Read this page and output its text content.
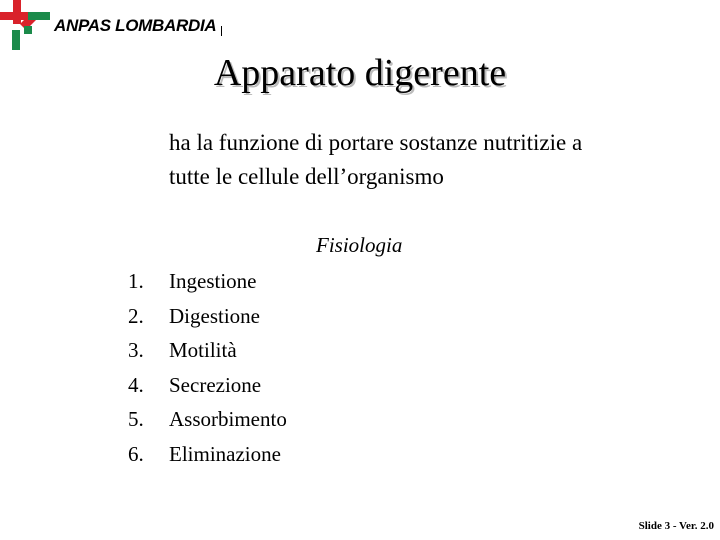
ANPAS LOMBARDIA
Apparato digerente

ha la funzione di portare sostanze nutritizie a tutte le cellule dell’organismo

Fisiologia

1.	Ingestione
2.	Digestione
3.	Motilità
4.	Secrezione
5.	Assorbimento
6.	Eliminazione
Slide 3 - Ver. 2.0
